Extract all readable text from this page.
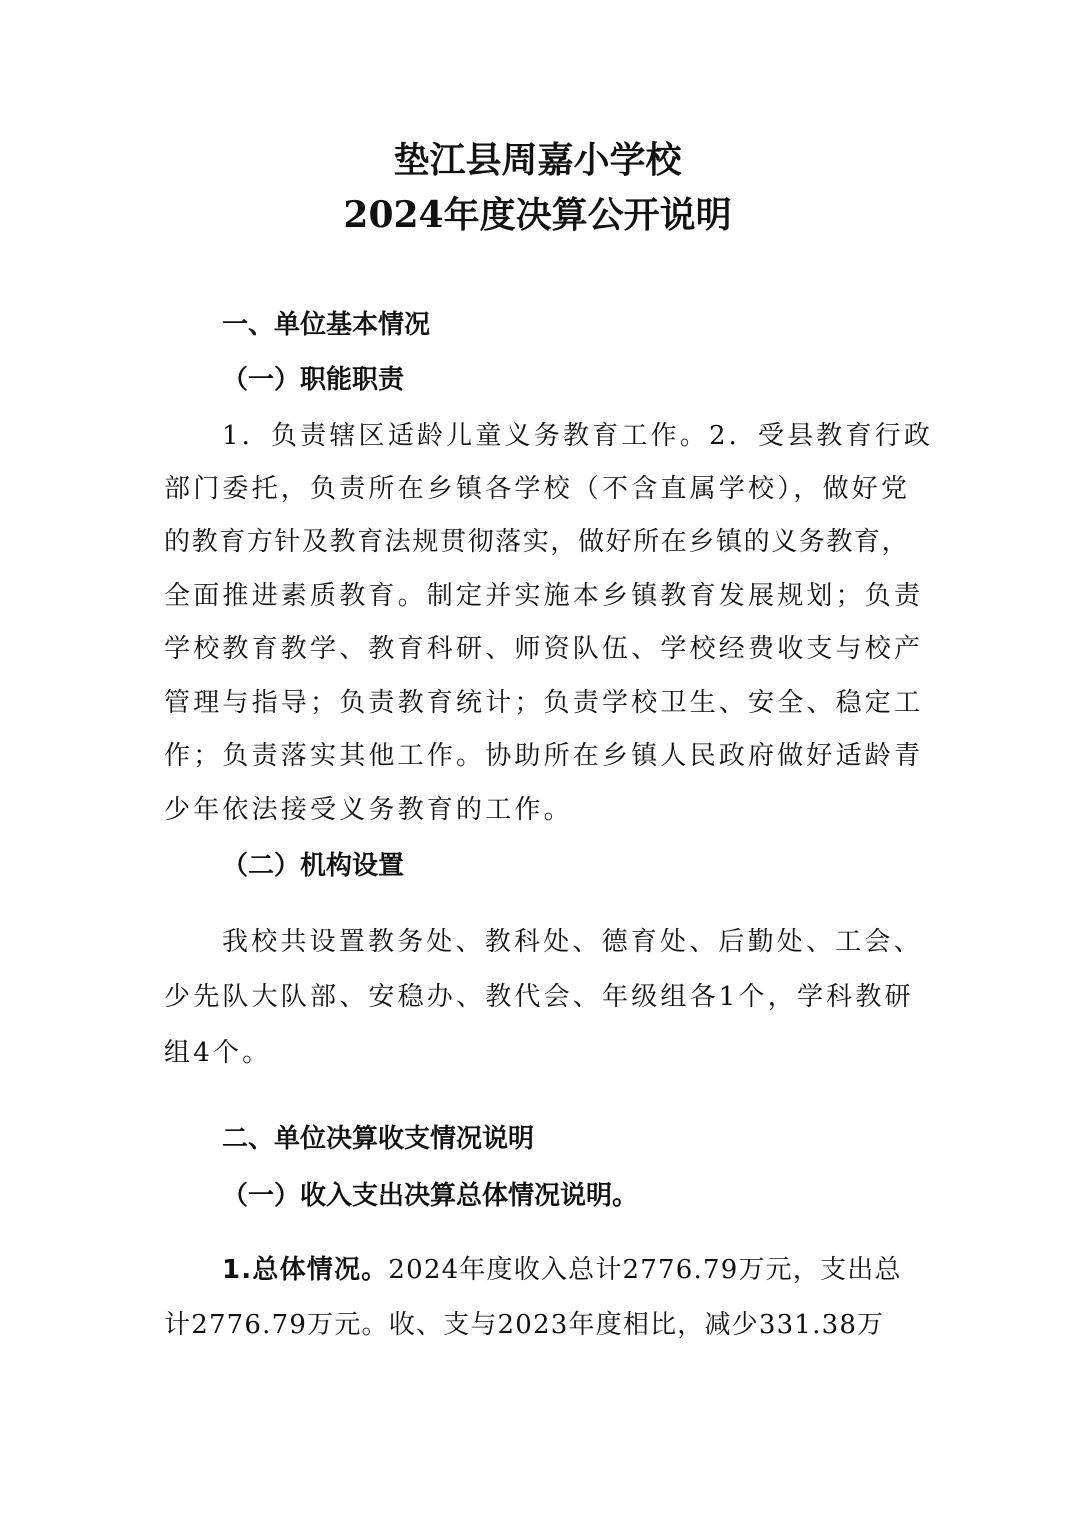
垫江县周嘉小学校
2024年度决算公开说明
一、单位基本情况
（一）职能职责
1．负责辖区适龄儿童义务教育工作。2．受县教育行政
部门委托，负责所在乡镇各学校（不含直属学校），做好党
的教育方针及教育法规贯彻落实，做好所在乡镇的义务教育，
全面推进素质教育。制定并实施本乡镇教育发展规划；负责
学校教育教学、教育科研、师资队伍、学校经费收支与校产
管理与指导；负责教育统计；负责学校卫生、安全、稳定工
作；负责落实其他工作。协助所在乡镇人民政府做好适龄青
少年依法接受义务教育的工作。
（二）机构设置
我校共设置教务处、教科处、德育处、后勤处、工会、
少先队大队部、安稳办、教代会、年级组各1个，学科教研
组4个。
二、单位决算收支情况说明
（一）收入支出决算总体情况说明。
1.总体情况。2024年度收入总计2776.79万元，支出总
计2776.79万元。收、支与2023年度相比，减少331.38万
